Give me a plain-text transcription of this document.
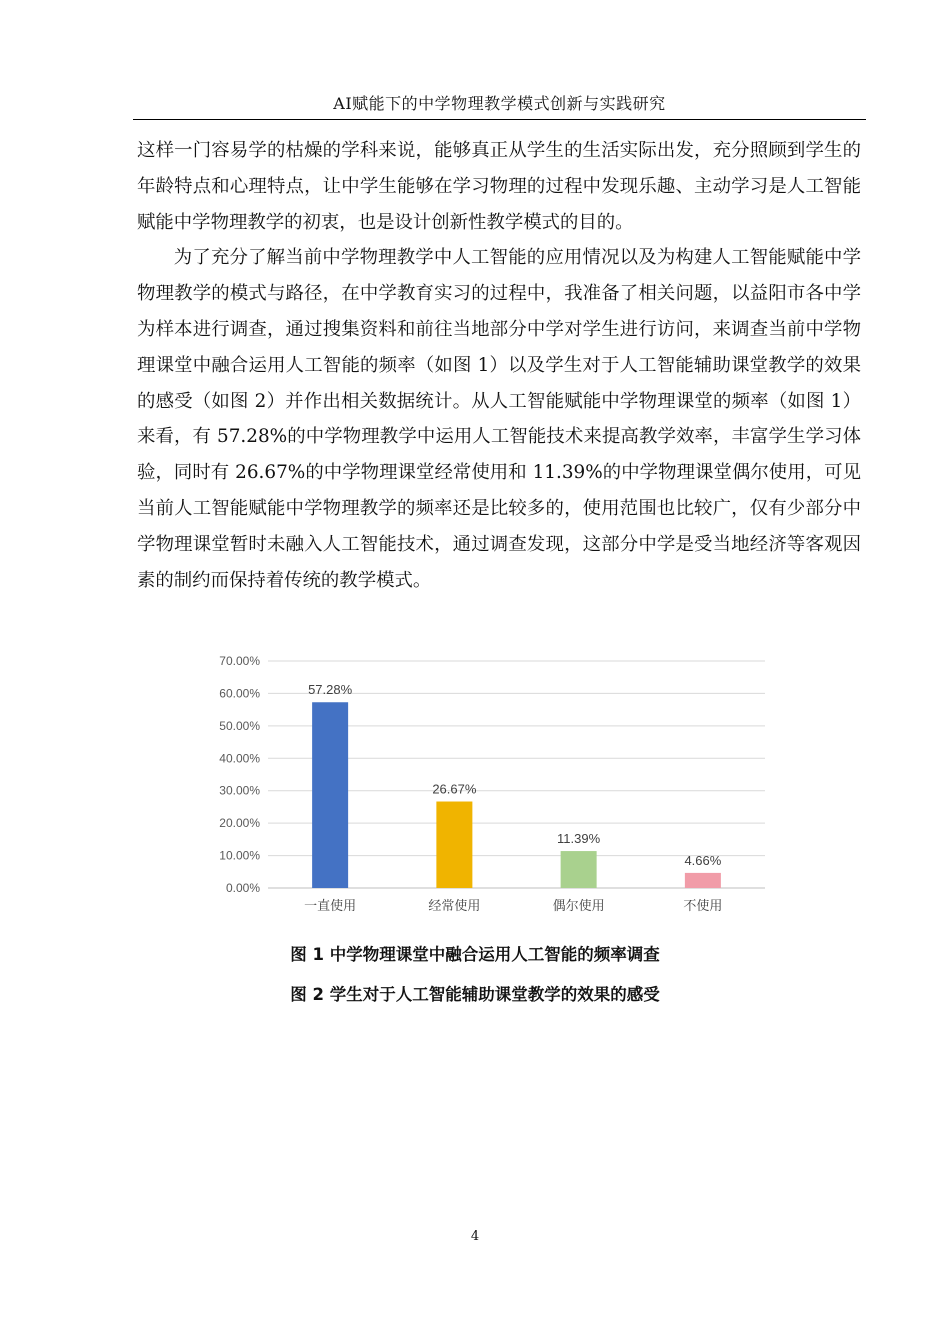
AI赋能下的中学物理教学模式创新与实践研究

这样一门容易学的枯燥的学科来说，能够真正从学生的生活实际出发，充分照顾到学生的年龄特点和心理特点，让中学生能够在学习物理的过程中发现乐趣、主动学习是人工智能赋能中学物理教学的初衷，也是设计创新性教学模式的目的。

为了充分了解当前中学物理教学中人工智能的应用情况以及为构建人工智能赋能中学物理教学的模式与路径，在中学教育实习的过程中，我准备了相关问题，以益阳市各中学为样本进行调查，通过搜集资料和前往当地部分中学对学生进行访问，来调查当前中学物理课堂中融合运用人工智能的频率（如图 1）以及学生对于人工智能辅助课堂教学的效果的感受（如图 2）并作出相关数据统计。从人工智能赋能中学物理课堂的频率（如图 1）来看，有 57.28%的中学物理教学中运用人工智能技术来提高教学效率，丰富学生学习体验，同时有 26.67%的中学物理课堂经常使用和 11.39%的中学物理课堂偶尔使用，可见当前人工智能赋能中学物理教学的频率还是比较多的，使用范围也比较广，仅有少部分中学物理课堂暂时未融入人工智能技术，通过调查发现，这部分中学是受当地经济等客观因素的制约而保持着传统的教学模式。

0.00%
10.00%
20.00%
30.00%
40.00%
50.00%
60.00%
70.00%
57.28%
一直使用
26.67%
经常使用
11.39%
偶尔使用
4.66%
不使用
图 1 中学物理课堂中融合运用人工智能的频率调查
图 2 学生对于人工智能辅助课堂教学的效果的感受
4
